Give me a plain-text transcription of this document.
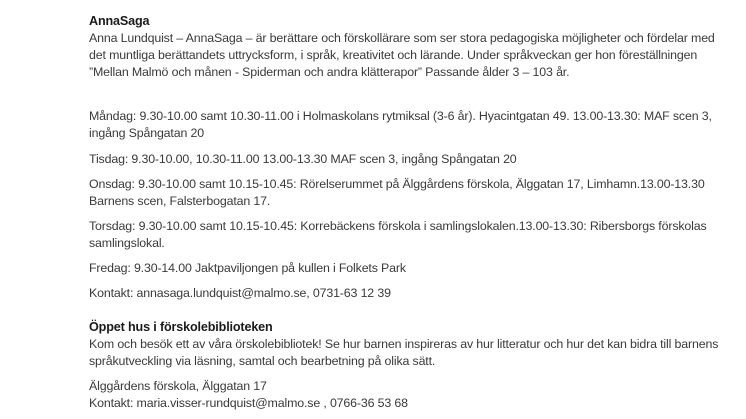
AnnaSaga

Anna Lundquist – AnnaSaga – är berättare och förskollärare som ser stora pedagogiska möjligheter och fördelar med det muntliga berättandets uttrycksform, i språk, kreativitet och lärande. Under språkveckan ger hon föreställningen ”Mellan Malmö och månen - Spiderman och andra klätterapor” Passande ålder 3 – 103 år.

Måndag: 9.30-10.00 samt 10.30-11.00 i Holmaskolans rytmiksal (3-6 år). Hyacintgatan 49. 13.00-13.30: MAF scen 3, ingång Spångatan 20

Tisdag: 9.30-10.00, 10.30-11.00 13.00-13.30 MAF scen 3, ingång Spångatan 20

Onsdag: 9.30-10.00 samt 10.15-10.45: Rörelserummet på Älggårdens förskola, Älggatan 17, Limhamn.13.00-13.30 Barnens scen, Falsterbogatan 17.

Torsdag: 9.30-10.00 samt 10.15-10.45: Korrebäckens förskola i samlingslokalen.13.00-13.30: Ribersborgs förskolas samlingslokal.

Fredag: 9.30-14.00 Jaktpaviljongen på kullen i Folkets Park

Kontakt: annasaga.lundquist@malmo.se, 0731-63 12 39

Öppet hus i förskolebiblioteken

Kom och besök ett av våra örskolebibliotek! Se hur barnen inspireras av hur litteratur och hur det kan bidra till barnens språkutveckling via läsning, samtal och bearbetning på olika sätt.

Älggårdens förskola, Älggatan 17

Kontakt: maria.visser-rundquist@malmo.se , 0766-36 53 68
